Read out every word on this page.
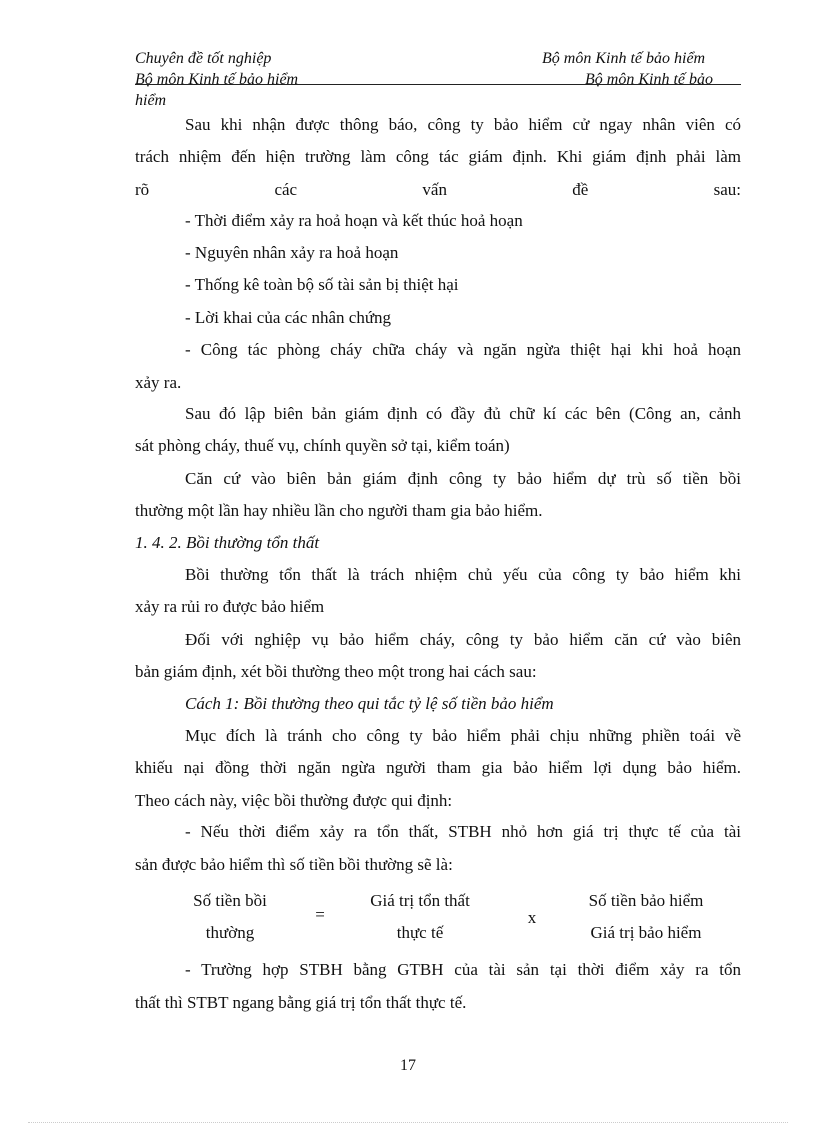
Chuyên đề tốt nghiệp	Bộ môn Kinh tế bảo hiểm
Bộ môn Kinh tế bảo hiểm	Bộ môn Kinh tế bảo
hiểm
Sau khi nhận được thông báo, công ty bảo hiểm cử ngay nhân viên có
trách nhiệm đến hiện trường làm công tác giám định. Khi giám định phải làm
rõ	các	vấn	đề	sau:
- Thời điểm xảy ra hoả hoạn và kết thúc hoả hoạn
- Nguyên nhân xảy ra hoả hoạn
- Thống kê toàn bộ số tài sản bị thiệt hại
- Lời khai của các nhân chứng
- Công tác phòng cháy chữa cháy và ngăn ngừa thiệt hại khi hoả hoạn
xảy ra.
Sau đó lập biên bản giám định có đầy đủ chữ kí các bên (Công an, cảnh
sát phòng cháy, thuế vụ, chính quyền sở tại, kiểm toán)
Căn cứ vào biên bản giám định công ty bảo hiểm dự trù số tiền bồi
thường một lần hay nhiều lần cho người tham gia bảo hiểm.
1. 4. 2. Bồi thường tổn thất
Bồi thường tổn thất là trách nhiệm chủ yếu của công ty bảo hiểm khi
xảy ra rủi ro được bảo hiểm
Đối với nghiệp vụ bảo hiểm cháy, công ty bảo hiểm căn cứ vào biên
bản giám định, xét bồi thường theo một trong hai cách sau:
Cách 1: Bồi thường theo qui tắc tỷ lệ số tiền bảo hiểm
Mục đích là tránh cho công ty bảo hiểm phải chịu những phiền toái về
khiếu nại đồng thời ngăn ngừa người tham gia bảo hiểm lợi dụng bảo hiểm.
Theo cách này, việc bồi thường được qui định:
- Nếu thời điểm xảy ra tổn thất, STBH nhỏ hơn giá trị thực tế của tài
sản được bảo hiểm thì số tiền bồi thường sẽ là:
Số tiền bồi
thường
=
Giá trị tổn thất
thực tế
x
Số tiền bảo hiểm
Giá trị bảo hiểm
- Trường hợp STBH bằng GTBH của tài sản tại thời điểm xảy ra tổn
thất thì STBT ngang bằng giá trị tổn thất thực tế.
17
